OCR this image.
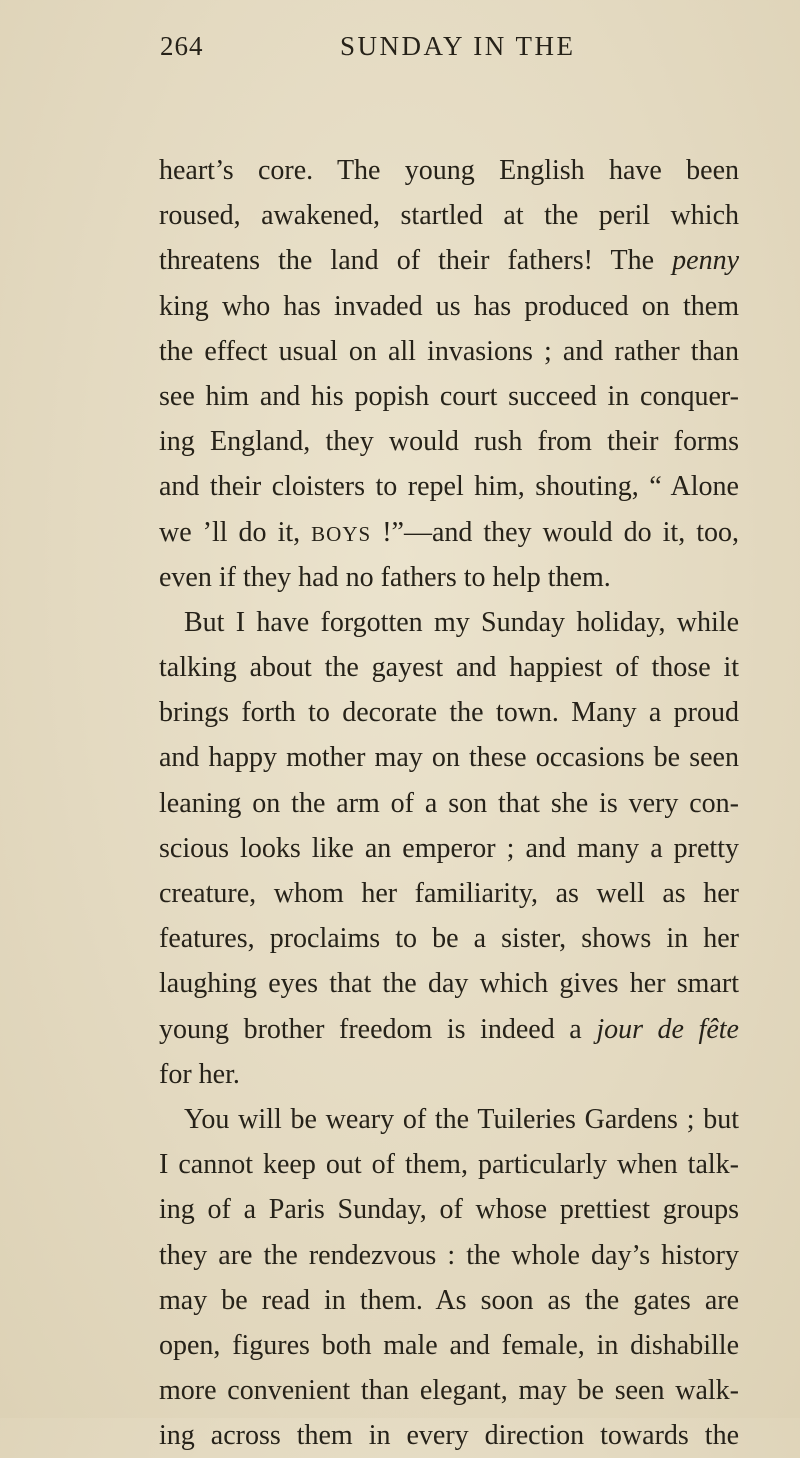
264	SUNDAY IN THE
heart’s core. The young English have been
roused, awakened, startled at the peril which
threatens the land of their fathers! The penny
king who has invaded us has produced on them
the effect usual on all invasions ; and rather than
see him and his popish court succeed in conquer-
ing England, they would rush from their forms
and their cloisters to repel him, shouting, “ Alone
we ’ll do it, BOYS !”—and they would do it, too,
even if they had no fathers to help them.
But I have forgotten my Sunday holiday, while
talking about the gayest and happiest of those it
brings forth to decorate the town. Many a proud
and happy mother may on these occasions be seen
leaning on the arm of a son that she is very con-
scious looks like an emperor ; and many a pretty
creature, whom her familiarity, as well as her
features, proclaims to be a sister, shows in her
laughing eyes that the day which gives her smart
young brother freedom is indeed a jour de fête
for her.
You will be weary of the Tuileries Gardens ; but
I cannot keep out of them, particularly when talk-
ing of a Paris Sunday, of whose prettiest groups
they are the rendezvous : the whole day’s history
may be read in them. As soon as the gates are
open, figures both male and female, in dishabille
more convenient than elegant, may be seen walk-
ing across them in every direction towards the
